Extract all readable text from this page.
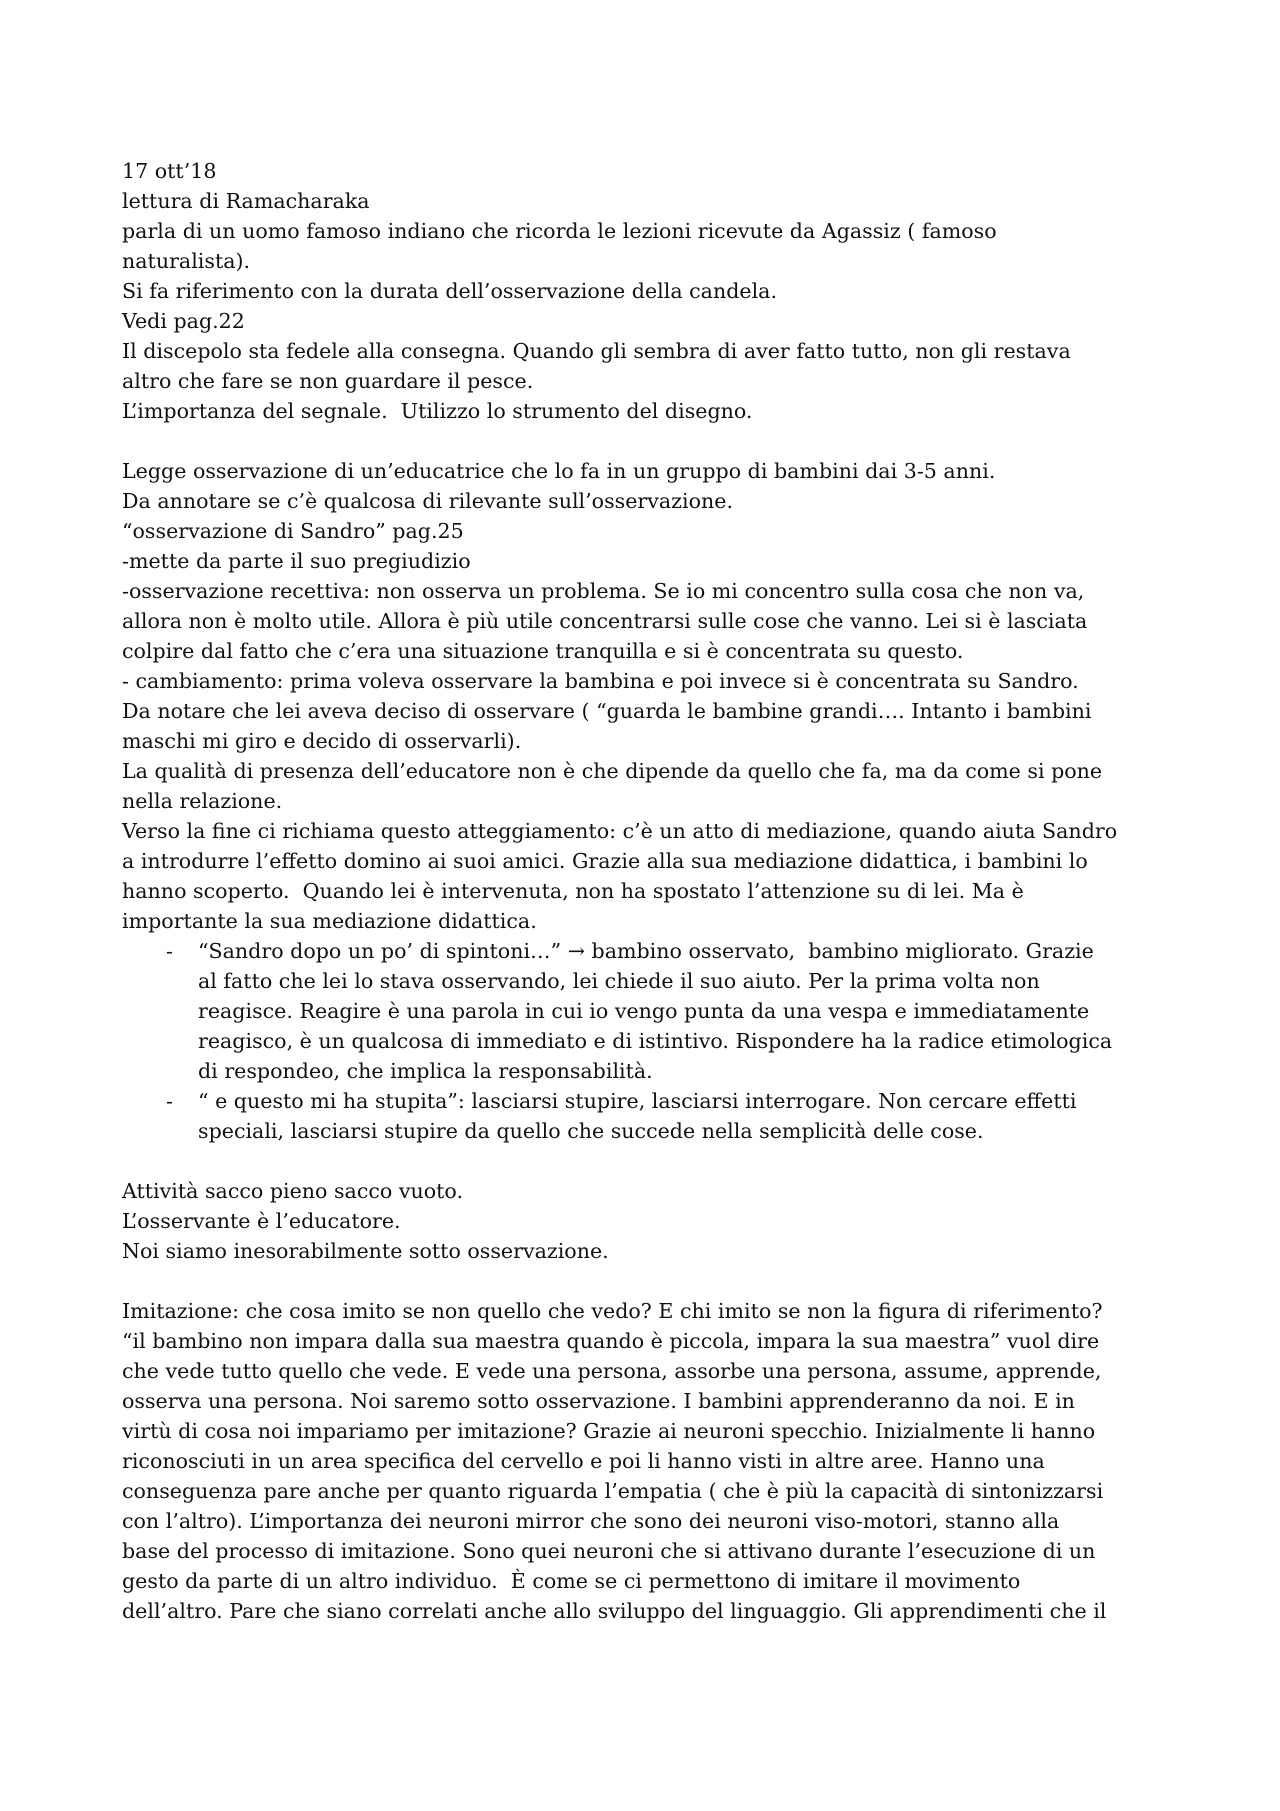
17 ott’18
lettura di Ramacharaka
parla di un uomo famoso indiano che ricorda le lezioni ricevute da Agassiz ( famoso
naturalista).
Si fa riferimento con la durata dell’osservazione della candela.
Vedi pag.22
Il discepolo sta fedele alla consegna. Quando gli sembra di aver fatto tutto, non gli restava
altro che fare se non guardare il pesce.
L’importanza del segnale.  Utilizzo lo strumento del disegno.
Legge osservazione di un’educatrice che lo fa in un gruppo di bambini dai 3-5 anni.
Da annotare se c’è qualcosa di rilevante sull’osservazione.
“osservazione di Sandro” pag.25
-mette da parte il suo pregiudizio
-osservazione recettiva: non osserva un problema. Se io mi concentro sulla cosa che non va,
allora non è molto utile. Allora è più utile concentrarsi sulle cose che vanno. Lei si è lasciata
colpire dal fatto che c’era una situazione tranquilla e si è concentrata su questo.
- cambiamento: prima voleva osservare la bambina e poi invece si è concentrata su Sandro.
Da notare che lei aveva deciso di osservare ( “guarda le bambine grandi…. Intanto i bambini
maschi mi giro e decido di osservarli).
La qualità di presenza dell’educatore non è che dipende da quello che fa, ma da come si pone
nella relazione.
Verso la fine ci richiama questo atteggiamento: c’è un atto di mediazione, quando aiuta Sandro
a introdurre l’effetto domino ai suoi amici. Grazie alla sua mediazione didattica, i bambini lo
hanno scoperto.  Quando lei è intervenuta, non ha spostato l’attenzione su di lei. Ma è
importante la sua mediazione didattica.
- “Sandro dopo un po’ di spintoni…” → bambino osservato,  bambino migliorato. Grazie
al fatto che lei lo stava osservando, lei chiede il suo aiuto. Per la prima volta non
reagisce. Reagire è una parola in cui io vengo punta da una vespa e immediatamente
reagisco, è un qualcosa di immediato e di istintivo. Rispondere ha la radice etimologica
di respondeo, che implica la responsabilità.
- “ e questo mi ha stupita”: lasciarsi stupire, lasciarsi interrogare. Non cercare effetti
speciali, lasciarsi stupire da quello che succede nella semplicità delle cose.
Attività sacco pieno sacco vuoto.
L’osservante è l’educatore.
Noi siamo inesorabilmente sotto osservazione.
Imitazione: che cosa imito se non quello che vedo? E chi imito se non la figura di riferimento?
“il bambino non impara dalla sua maestra quando è piccola, impara la sua maestra” vuol dire
che vede tutto quello che vede. E vede una persona, assorbe una persona, assume, apprende,
osserva una persona. Noi saremo sotto osservazione. I bambini apprenderanno da noi. E in
virtù di cosa noi impariamo per imitazione? Grazie ai neuroni specchio. Inizialmente li hanno
riconosciuti in un area specifica del cervello e poi li hanno visti in altre aree. Hanno una
conseguenza pare anche per quanto riguarda l’empatia ( che è più la capacità di sintonizzarsi
con l’altro). L’importanza dei neuroni mirror che sono dei neuroni viso-motori, stanno alla
base del processo di imitazione. Sono quei neuroni che si attivano durante l’esecuzione di un
gesto da parte di un altro individuo.  È come se ci permettono di imitare il movimento
dell’altro. Pare che siano correlati anche allo sviluppo del linguaggio. Gli apprendimenti che il
